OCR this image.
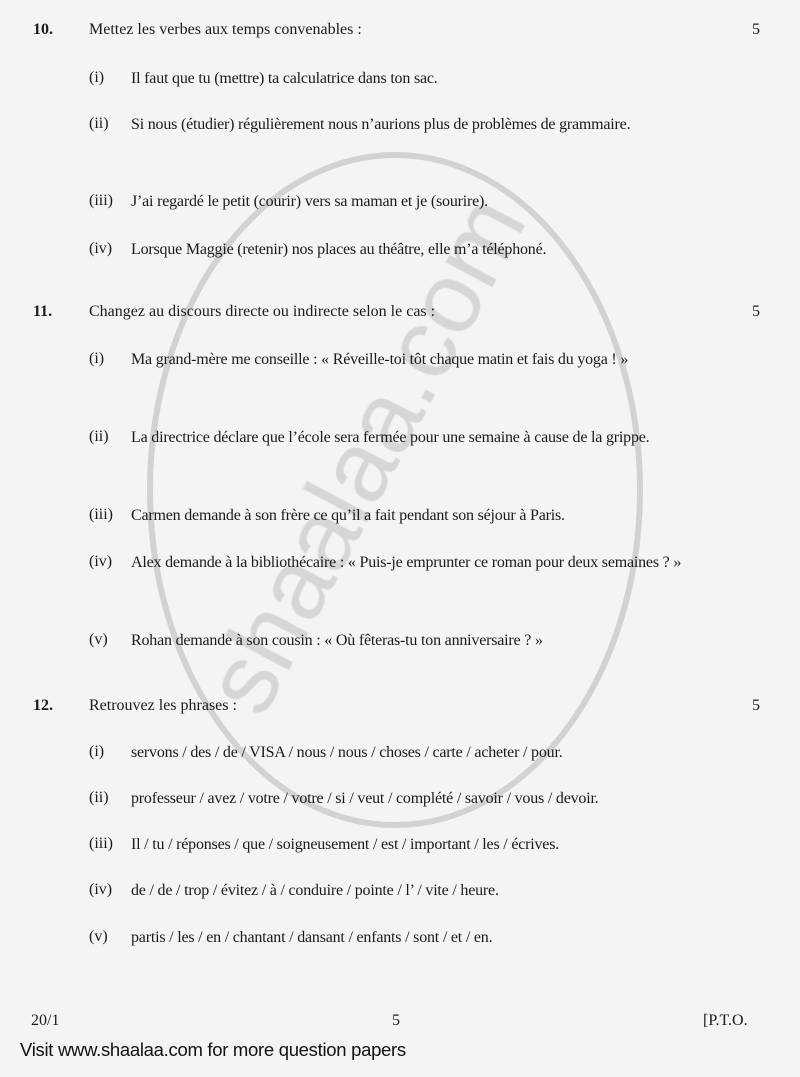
10. Mettez les verbes aux temps convenables :	5
(i) Il faut que tu (mettre) ta calculatrice dans ton sac.
(ii) Si nous (étudier) régulièrement nous n’aurions plus de problèmes de grammaire.
(iii) J’ai regardé le petit (courir) vers sa maman et je (sourire).
(iv) Lorsque Maggie (retenir) nos places au théâtre, elle m’a téléphoné.
11. Changez au discours directe ou indirecte selon le cas :	5
(i) Ma grand-mère me conseille : « Réveille-toi tôt chaque matin et fais du yoga ! »
(ii) La directrice déclare que l’école sera fermée pour une semaine à cause de la grippe.
(iii) Carmen demande à son frère ce qu’il a fait pendant son séjour à Paris.
(iv) Alex demande à la bibliothécaire : « Puis-je emprunter ce roman pour deux semaines ? »
(v) Rohan demande à son cousin : « Où fêteras-tu ton anniversaire ? »
12. Retrouvez les phrases :	5
(i) servons / des / de / VISA / nous / nous / choses / carte / acheter / pour.
(ii) professeur / avez / votre / votre / si / veut / complété / savoir / vous / devoir.
(iii) Il / tu / réponses / que / soigneusement / est / important / les / écrives.
(iv) de / de / trop / évitez / à / conduire / pointe / l’ / vite / heure.
(v) partis / les / en / chantant / dansant / enfants / sont / et / en.
20/1	5	[P.T.O.
Visit www.shaalaa.com for more question papers
